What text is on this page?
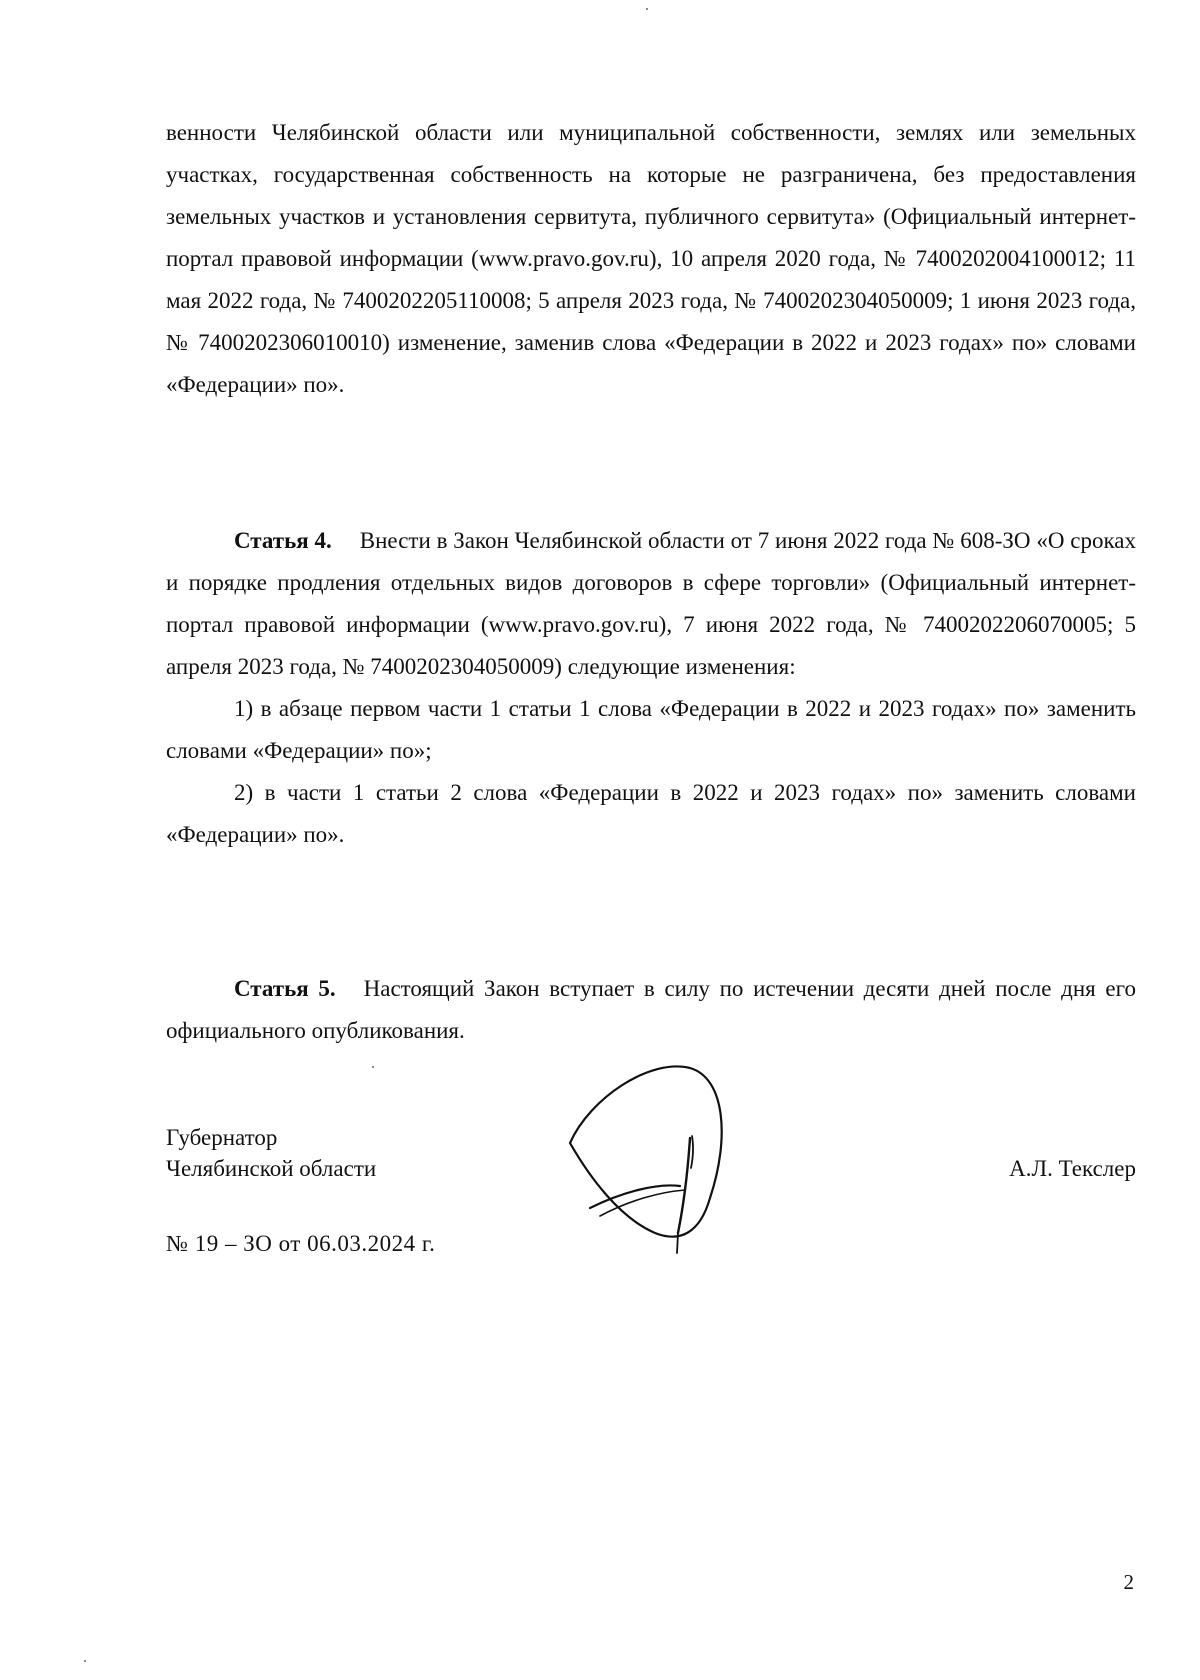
венности Челябинской области или муниципальной собственности, землях или земельных участках, государственная собственность на которые не разграничена, без предоставления земельных участков и установления сервитута, публичного сервитута» (Официальный интернет-портал правовой информации (www.pravo.gov.ru), 10 апреля 2020 года, № 7400202004100012; 11 мая 2022 года, № 7400202205110008; 5 апреля 2023 года, № 7400202304050009; 1 июня 2023 года, № 7400202306010010) изменение, заменив слова «Федерации в 2022 и 2023 годах» по» словами «Федерации» по».

Статья 4. Внести в Закон Челябинской области от 7 июня 2022 года № 608-ЗО «О сроках и порядке продления отдельных видов договоров в сфере торговли» (Официальный интернет-портал правовой информации (www.pravo.gov.ru), 7 июня 2022 года, № 7400202206070005; 5 апреля 2023 года, № 7400202304050009) следующие изменения:

1) в абзаце первом части 1 статьи 1 слова «Федерации в 2022 и 2023 годах» по» заменить словами «Федерации» по»;

2) в части 1 статьи 2 слова «Федерации в 2022 и 2023 годах» по» заменить словами «Федерации» по».

Статья 5. Настоящий Закон вступает в силу по истечении десяти дней после дня его официального опубликования.

Губернатор
Челябинской области	А.Л. Текслер
№ 19 – ЗО от 06.03.2024 г.
2
